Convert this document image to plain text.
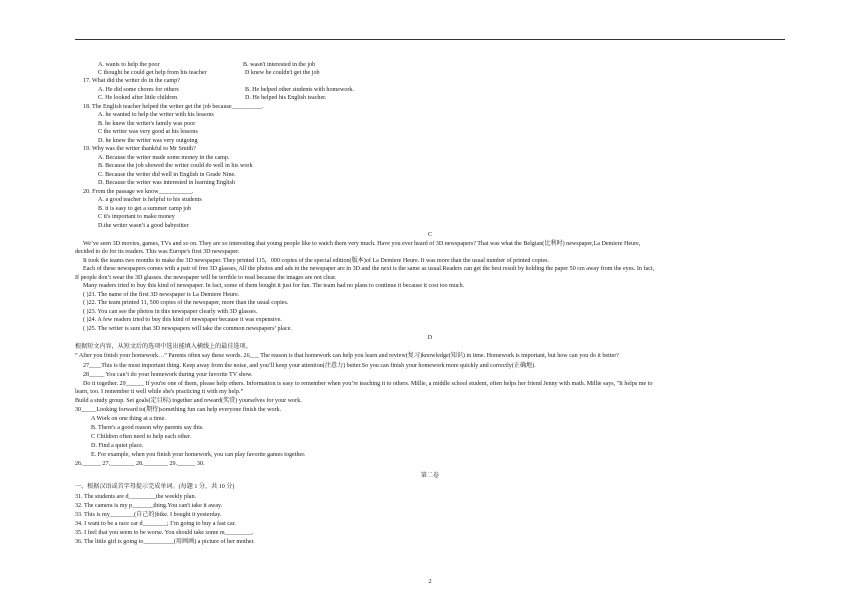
A. wants to help the poor	B. wasn't interested in the job
C thought he could get help from his teacher	D knew he couldn't get the job
17. What did the writer do in the camp?
A. He did some chores for others	B. He helped other students with homework.
C. He looked after little children	D. He helped his English teacher.
18. The English teacher helped the writer get the job because__________.
A. he wanted to help the writer with his lessons
B. he knew the writer's family was poor
C the writer was very good at his lessons
D. he knew the writer was very outgoing
19. Why was the writer thankful to Mr Smith?
A. Because the writer made some money in the camp.
B. Because the job showed the writer could do well in his work
C. Because the writer did well in English in Grade Nine.
D. Because the writer was interested in learning English
20. From the passage we know___________.
A. a good teacher is helpful to his students
B. it is easy to get a summer camp job
C it's important to make money
D.the writer wasn’t a good babysitter
C
We’ve seen 3D movies, games, TVs and so on. They are so interesting that young people like to watch them very much. Have you ever heard of 3D newspapers? That was what the Belgian(比利时) newspaper,La Demiere Heure,
decided to do for its readers. This was Europe's first 3D newspaper.
It took the teams two months to make the 3D newspaper. They printed 115，000 copies of the special edition(版本)of La Demiere Heure. It was more than the usual number of printed copies.
Each of these newspapers comes with a pair of free 3D glasses, All the photos and ads in the newspaper are in 3D and the next is the same as usual.Readers can get the best result by holding the paper 50 cm away from the eyes. In fact,
If people don’t wear the 3D glasses. the newspaper will be terrible to read because the images are not clear.
Many readers tried to buy this kind of newspaper. In fact, some of them bought it just for fun. The team had no plans to continue it because it cost too much.
( )21. The name of the first 3D newspaper is La Demiere Heure.
( )22. The team printed 11, 500 copies of the newspaper, more than the usual copies.
( )23. You can see the photos in this newspaper clearly with 3D glasses.
( )24. A few readers tried to buy this kind of newspaper because it was expensive.
( )25. The writer is sure that 3D newspapers will take the common newspapers’ place.
D
根据短文内容，从短文后的选项中选出能填入横线上的最佳选项。
“ After you finish your homework…” Parents often say these words. 26___ The reason is that homework can help you learn and review(复习)knowledge(知识) in time. Homework is important, but how can you do it better?
27____This is the most important thing. Keep away from the noise, and you’ll keep your attention(注意力) better.So you can finish your homework more quickly and correctly(正确地).
28_____ You can’t do your homework during your favorite TV show.
Do it together. 29______ If you're one of them, please help others. Information is easy to remember when you’re teaching it to others. Millie, a middle school student, often helps her friend Jenny with math. Millie says, "It helps me to
learn, too. I remember it well while she's practicing it with my help.”
Build a study group. Set goals(定目标) together and reward(奖赏) yourselves for your work.
30_____Looking forward to(期待)something fun can help everyone finish the work.
A Work on one thing at a time.
B. There's a good reason why parents say this.
C Children often need to help each other.
D. Find a quiet place.
E. For example, when you finish your homework, you can play favorite games together.
26.______ 27.________ 28.________ 29.______ 30.
第二卷
一、根据汉语或首字母提示完成单词。(每题 1 分，共 10 分)
31. The students are d_________the weekly plan.
32. The camera is my p_______thing.You can't take it away.
33. This is my________(自己的)bike. I bought it yesterday.
34. I want to be a race car d________; I’m going to buy a fast car.
35. I feel that you seem to be worse. You should take some m_________.
36. The little girl is going to__________(用画画) a picture of her mother.
2
